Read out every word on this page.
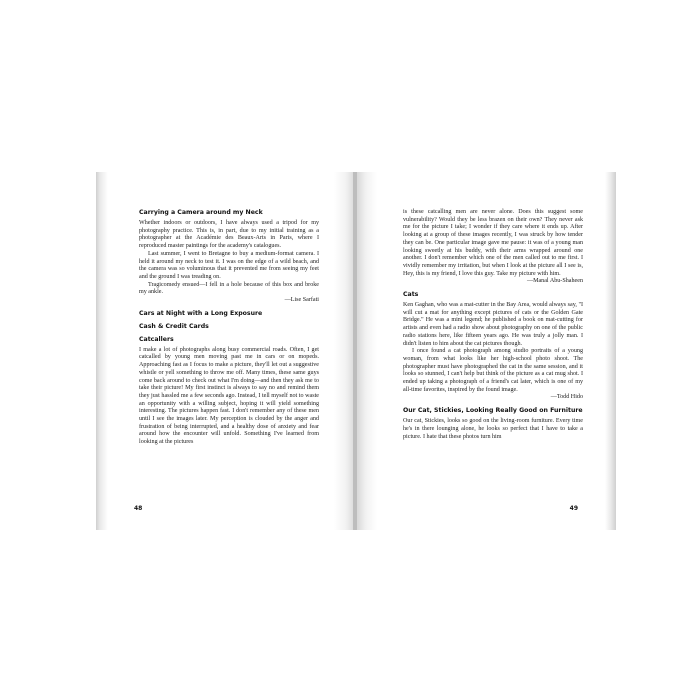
Carrying a Camera around my Neck

Whether indoors or outdoors, I have always used a tripod for my photography practice. This is, in part, due to my initial training as a photographer at the Académie des Beaux-Arts in Paris, where I reproduced master paintings for the academy's catalogues.

Last summer, I went to Bretagne to buy a medium-format camera. I held it around my neck to test it. I was on the edge of a wild beach, and the camera was so voluminous that it prevented me from seeing my feet and the ground I was treading on.

Tragicomedy ensued—I fell in a hole because of this box and broke my ankle.

—Lise Sarfati

Cars at Night with a Long Exposure
Cash & Credit Cards
Catcallers

I make a lot of photographs along busy commercial roads. Often, I get catcalled by young men moving past me in cars or on mopeds. Approaching fast as I focus to make a picture, they'll let out a suggestive whistle or yell something to throw me off. Many times, these same guys come back around to check out what I'm doing—and then they ask me to take their picture! My first instinct is always to say no and remind them they just hassled me a few seconds ago. Instead, I tell myself not to waste an opportunity with a willing subject, hoping it will yield something interesting. The pictures happen fast. I don't remember any of these men until I see the images later. My perception is clouded by the anger and frustration of being interrupted, and a healthy dose of anxiety and fear around how the encounter will unfold. Something I've learned from looking at the pictures

48

is these catcalling men are never alone. Does this suggest some vulnerability? Would they be less brazen on their own? They never ask me for the picture I take; I wonder if they care where it ends up. After looking at a group of these images recently, I was struck by how tender they can be. One particular image gave me pause: it was of a young man looking sweetly at his buddy, with their arms wrapped around one another. I don't remember which one of the men called out to me first. I vividly remember my irritation, but when I look at the picture all I see is, Hey, this is my friend, I love this guy. Take my picture with him.

—Manal Abu-Shaheen

Cats

Ken Gaghan, who was a mat-cutter in the Bay Area, would always say, "I will cut a mat for anything except pictures of cats or the Golden Gate Bridge." He was a mini legend; he published a book on mat-cutting for artists and even had a radio show about photography on one of the public radio stations here, like fifteen years ago. He was truly a jolly man. I didn't listen to him about the cat pictures though.

I once found a cat photograph among studio portraits of a young woman, from what looks like her high-school photo shoot. The photographer must have photographed the cat in the same session, and it looks so stunned, I can't help but think of the picture as a cat mug shot. I ended up taking a photograph of a friend's cat later, which is one of my all-time favorites, inspired by the found image.

—Todd Hido

Our Cat, Stickies, Looking Really Good on Furniture

Our cat, Stickies, looks so good on the living-room furniture. Every time he's in there lounging alone, he looks so perfect that I have to take a picture. I hate that these photos turn him

49
